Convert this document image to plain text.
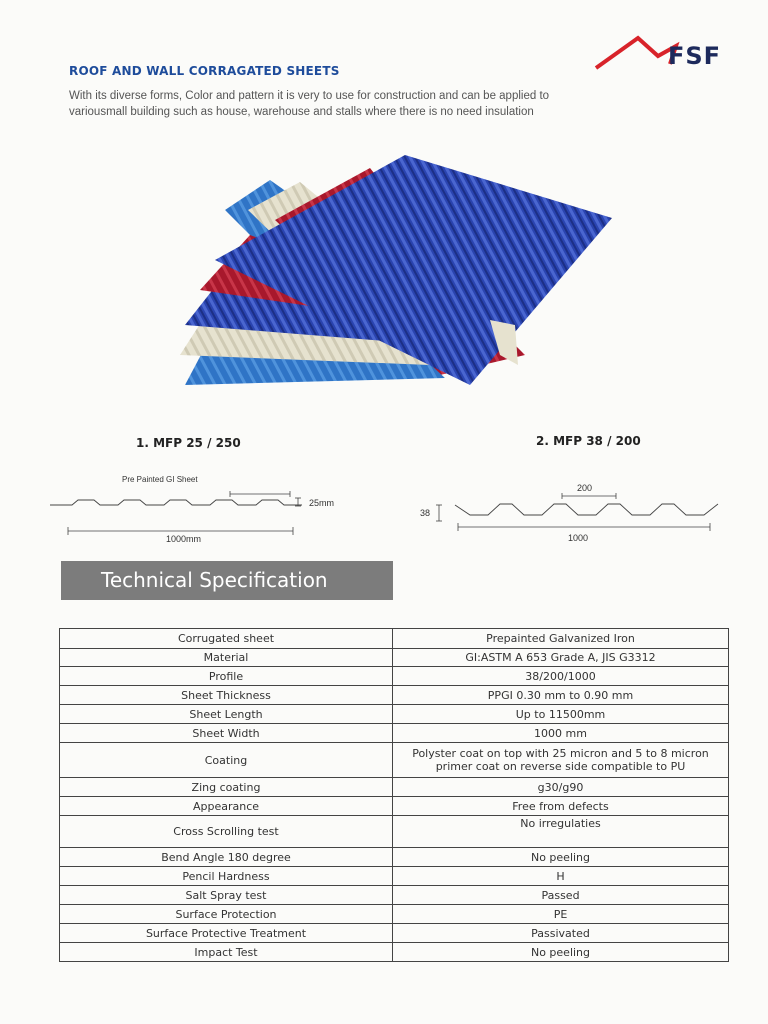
FSF
ROOF AND WALL CORRAGATED SHEETS
With its diverse forms, Color and pattern it is very to use for construction and can be applied to variousmall building such as house, warehouse and stalls where there is no need insulation
1. MFP 25 / 250
Pre Painted GI Sheet
25mm
1000mm
2. MFP 38 / 200
200
38
1000
Technical Specification
Corrugated sheet	Prepainted Galvanized Iron
Material	GI:ASTM A 653 Grade A, JIS G3312
Profile	38/200/1000
Sheet Thickness	PPGI 0.30 mm to 0.90 mm
Sheet Length	Up to 11500mm
Sheet Width	1000 mm
Coating	Polyster coat on top with 25 micron and 5 to 8 micron primer coat on reverse side compatible to PU
Zing coating	g30/g90
Appearance	Free from defects
Cross Scrolling test	No irregulaties
Bend Angle 180 degree	No peeling
Pencil Hardness	H
Salt Spray test	Passed
Surface Protection	PE
Surface Protective Treatment	Passivated
Impact Test	No peeling
